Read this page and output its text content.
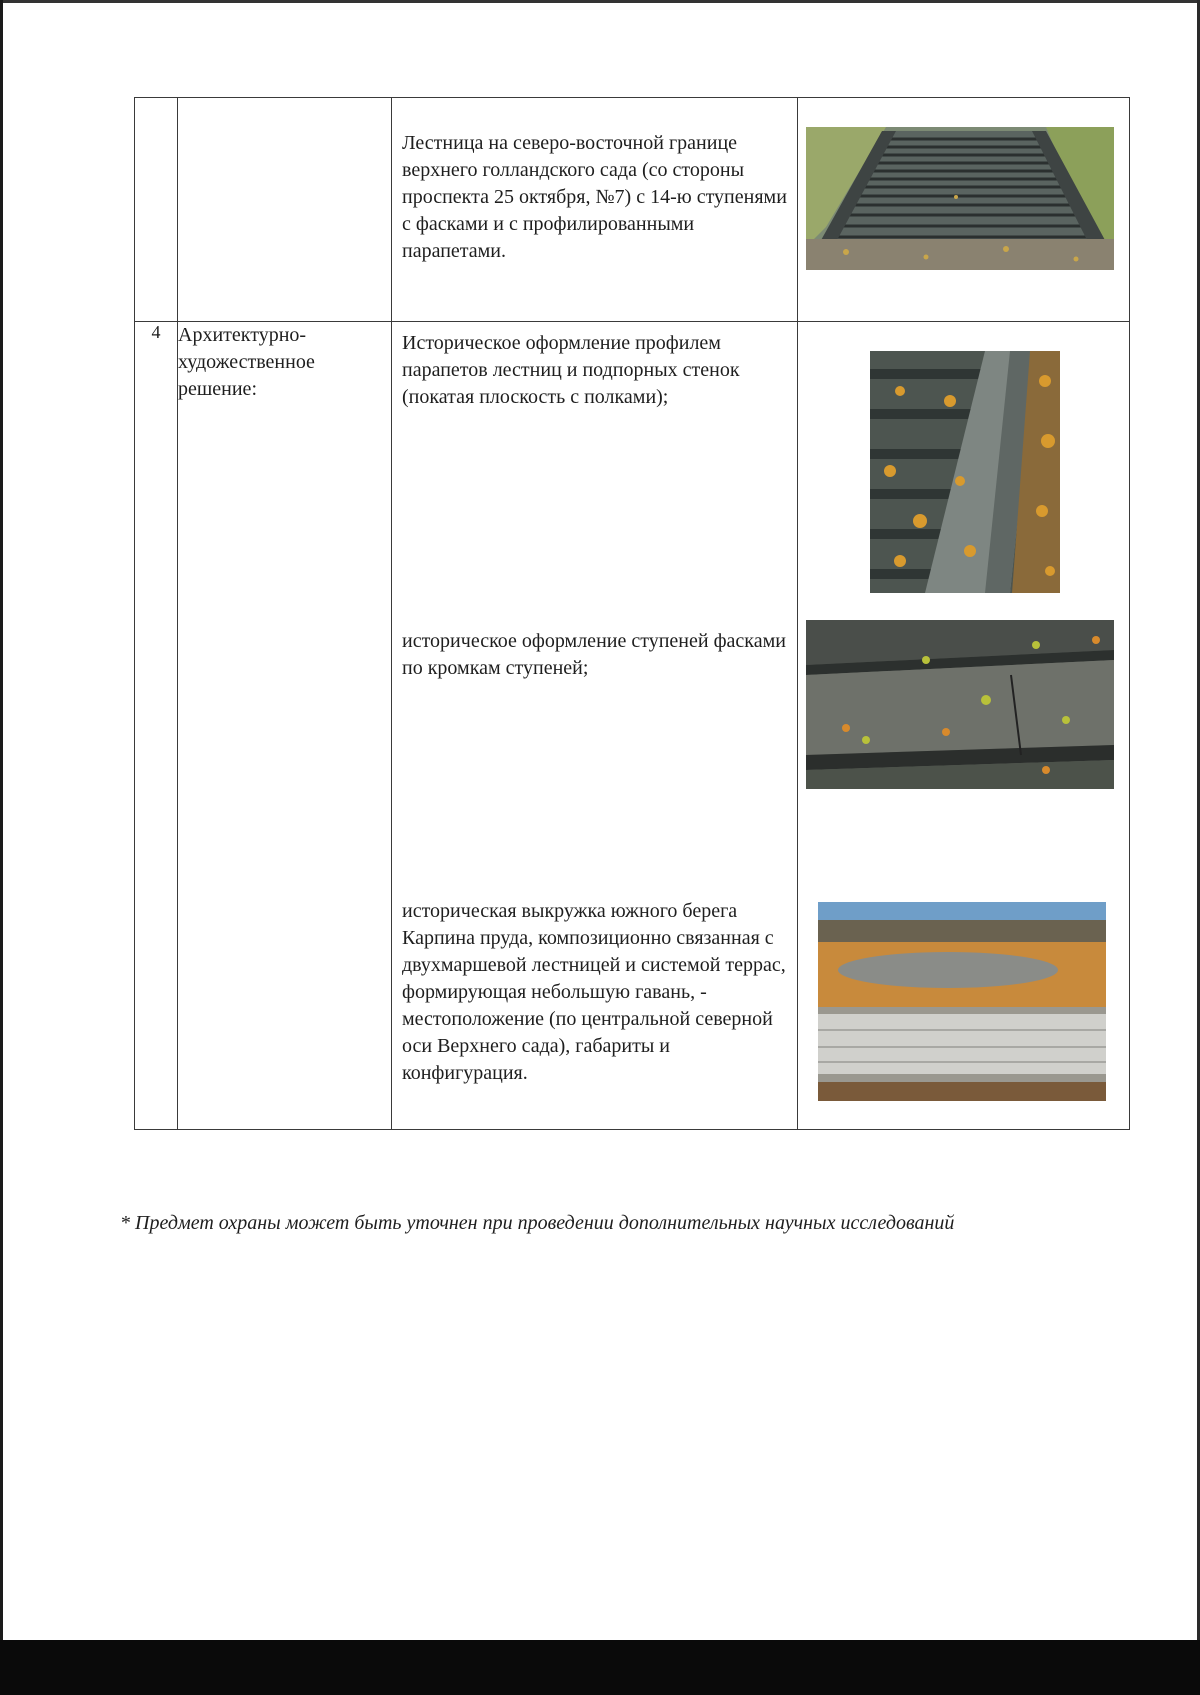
		Лестница на северо-восточной границе верхнего голландского сада (со стороны проспекта 25 октября, №7) с 14-ю ступенями с фасками и с профилированными парапетами.

4	Архитектурно-художественное решение:	Историческое оформление профилем парапетов лестниц и подпорных стенок (покатая плоскость с полками);
историческое оформление ступеней фасками по кромкам ступеней;
историческая выкружка южного берега Карпина пруда, композиционно связанная с двухмаршевой лестницей и системой террас, формирующая небольшую гавань, - местоположение (по центральной северной оси Верхнего сада), габариты и конфигурация.

* Предмет охраны может быть уточнен при проведении дополнительных научных исследований
